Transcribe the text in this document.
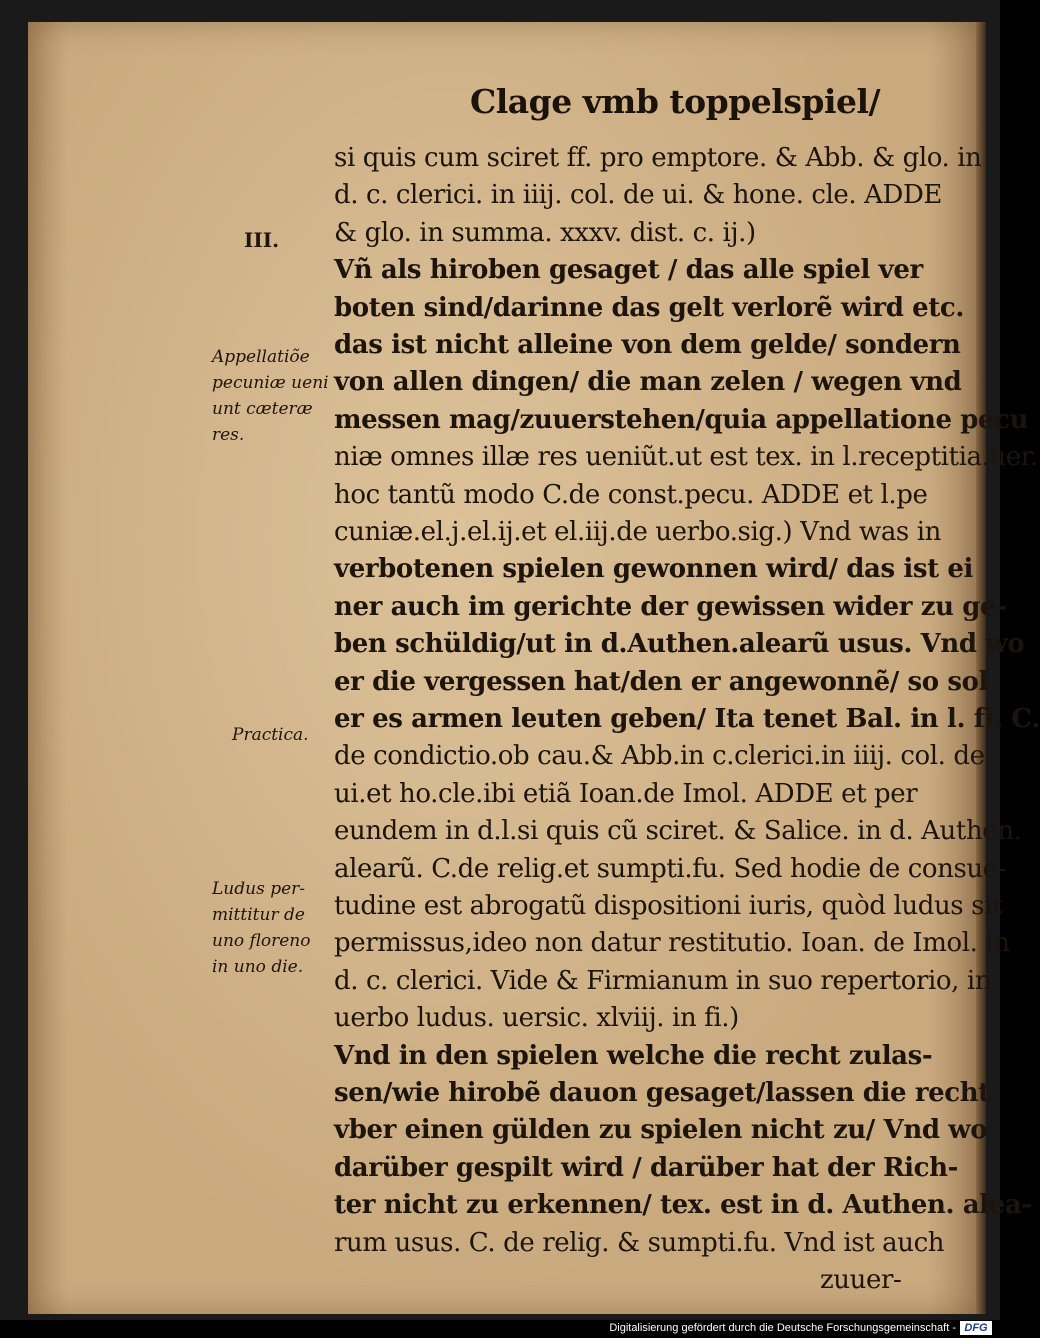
Clage vmb toppelspiel/
III.
Appellatiõe
pecuniæ ueni
unt cæteræ
res.
Practica.
Ludus per-
mittitur de
uno floreno
in uno die.
si quis cum sciret ff. pro emptore. & Abb. & glo. in
d. c. clerici. in iiij. col. de ui. & hone. cle. ADDE
& glo. in summa. xxxv. dist. c. ij.)
Vñ als hiroben gesaget / das alle spiel ver
boten sind/darinne das gelt verlorẽ wird etc.
das ist nicht alleine von dem gelde/ sondern
von allen dingen/ die man zelen / wegen vnd
messen mag/zuuerstehen/quia appellatione pecu
niæ omnes illæ res ueniũt.ut est tex. in l.receptitia.uer.
hoc tantũ modo C.de const.pecu. ADDE et l.pe
cuniæ.el.j.el.ij.et el.iij.de uerbo.sig.) Vnd was in
verbotenen spielen gewonnen wird/ das ist ei
ner auch im gerichte der gewissen wider zu ge-
ben schüldig/ut in d.Authen.alearũ usus. Vnd wo
er die vergessen hat/den er angewonnẽ/ so sol
er es armen leuten geben/ Ita tenet Bal. in l. fi. C.
de condictio.ob cau.& Abb.in c.clerici.in iiij. col. de
ui.et ho.cle.ibi etiã Ioan.de Imol. ADDE et per
eundem in d.l.si quis cũ sciret. & Salice. in d. Authen.
alearũ. C.de relig.et sumpti.fu. Sed hodie de consue-
tudine est abrogatũ dispositioni iuris, quòd ludus sit
permissus,ideo non datur restitutio. Ioan. de Imol. in
d. c. clerici. Vide & Firmianum in suo repertorio, in
uerbo ludus. uersic. xlviij. in fi.)
Vnd in den spielen welche die recht zulas-
sen/wie hirobẽ dauon gesaget/lassen die recht
vber einen gülden zu spielen nicht zu/ Vnd wo
darüber gespilt wird / darüber hat der Rich-
ter nicht zu erkennen/ tex. est in d. Authen. alea-
rum usus. C. de relig. & sumpti.fu. Vnd ist auch
zuuer-
Digitalisierung gefördert durch die Deutsche Forschungsgemeinschaft - DFG
